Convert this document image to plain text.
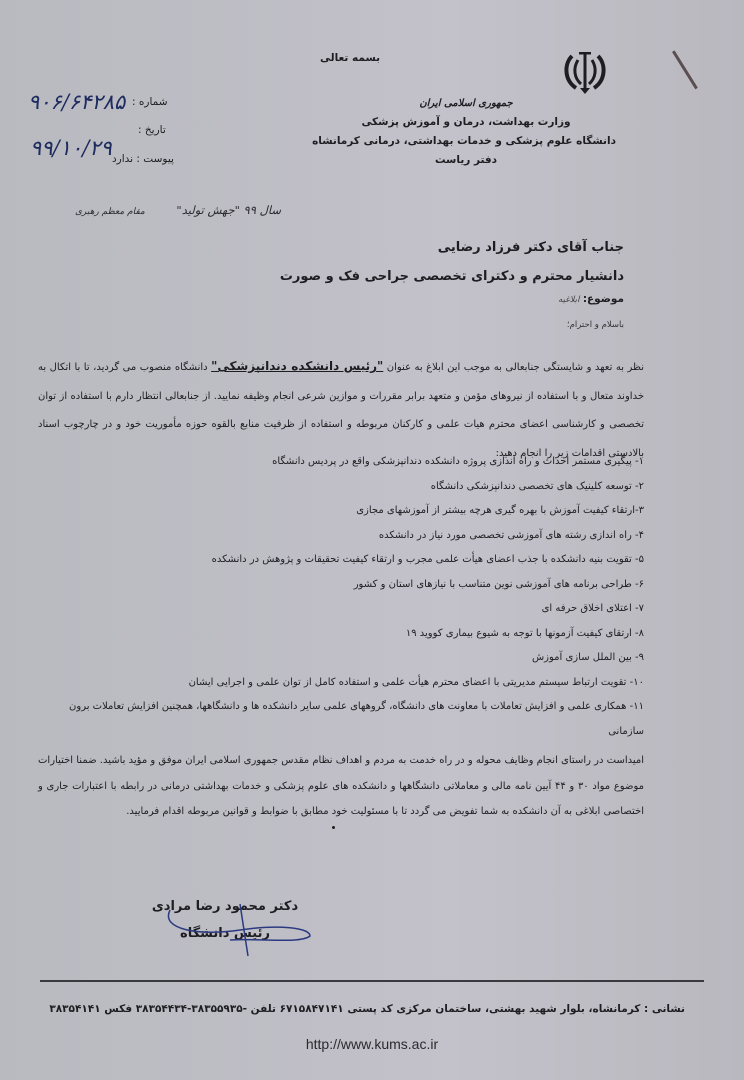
جمهوری اسلامی ایران
وزارت بهداشت، درمان و آموزش پزشکی
دانشگاه علوم پزشکی و خدمات بهداشتی، درمانی کرمانشاه
دفتر ریاست
بسمه تعالی
شماره :
۹۰۶/۶۴۲۸۵
تاریخ :
۹۹/۱۰/۲۹ پیوست : ندارد
سال ۹۹ "جهش تولید" مقام معظم رهبری
جناب آقای دکتر فرزاد رضایی
دانشیار محترم و دکترای تخصصی جراحی فک و صورت
موضوع: ابلاغیه
باسلام و احترام؛
نظر به تعهد و شایستگی جنابعالی به موجب این ابلاغ به عنوان "رئیس دانشکده دندانپزشکی" دانشگاه منصوب می گردید، تا با اتکال به خداوند متعال و با استفاده از نیروهای مؤمن و متعهد برابر مقررات و موازین شرعی انجام وظیفه نمایید. از جنابعالی انتظار دارم با استفاده از توان تخصصی و کارشناسی اعضای محترم هیات علمی و کارکنان مربوطه و استفاده از ظرفیت منابع بالقوه حوزه مأموریت خود و در چارچوب اسناد بالادستی اقدامات زیر را انجام دهید:
۱- پیگیری مستمر احداث و راه اندازی پروژه دانشکده دندانپزشکی واقع در پردیس دانشگاه
۲- توسعه کلینیک های تخصصی دندانپزشکی دانشگاه
۳-ارتقاء کیفیت آموزش با بهره گیری هرچه بیشتر از آموزشهای مجازی
۴- راه اندازی رشته های آموزشی تخصصی مورد نیاز در دانشکده
۵- تقویت بنیه دانشکده با جذب اعضای هیأت علمی مجرب و ارتقاء کیفیت تحقیقات و پژوهش در دانشکده
۶- طراحی برنامه های آموزشی نوین متناسب با نیازهای استان و کشور
۷- اعتلای اخلاق حرفه ای
۸- ارتقای کیفیت آزمونها با توجه به شیوع بیماری کووید ۱۹
۹- بین الملل سازی آموزش
۱۰- تقویت ارتباط سیستم مدیریتی با اعضای محترم هیأت علمی و استفاده کامل از توان علمی و اجرایی ایشان
۱۱- همکاری علمی و افزایش تعاملات با معاونت های دانشگاه، گروههای علمی سایر دانشکده ها و دانشگاهها، همچنین افزایش تعاملات برون سازمانی
امیداست در راستای انجام وظایف محوله و در راه خدمت به مردم و اهداف نظام مقدس جمهوری اسلامی ایران موفق و مؤید باشید. ضمنا اختیارات موضوع مواد ۳۰ و ۴۴ آیین نامه مالی و معاملاتی دانشگاهها و دانشکده های علوم پزشکی و خدمات بهداشتی درمانی در رابطه با اعتبارات جاری و اختصاصی ابلاغی به آن دانشکده به شما تفویض می گردد تا با مسئولیت خود مطابق با ضوابط و قوانین مربوطه اقدام فرمایید.
دکتر محمود رضا مرادی
رئیس دانشگاه
نشانی : کرمانشاه، بلوار شهید بهشتی، ساختمان مرکزی کد پستی ۶۷۱۵۸۴۷۱۴۱ تلفن -۳۸۳۵۵۹۳۵-۳۸۳۵۴۴۳۴ فکس ۳۸۳۵۴۱۴۱
http://www.kums.ac.ir
